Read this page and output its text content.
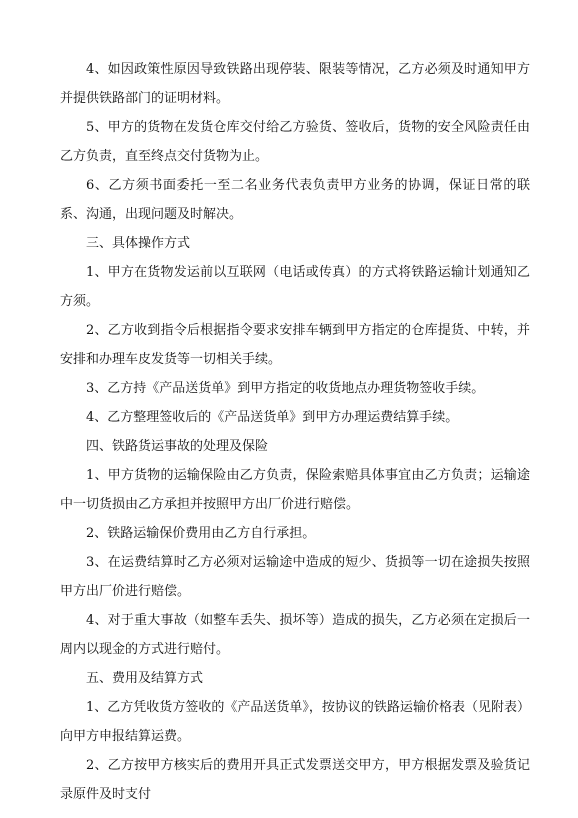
4、如因政策性原因导致铁路出现停装、限装等情况，乙方必须及时通知甲方并提供铁路部门的证明材料。

5、甲方的货物在发货仓库交付给乙方验货、签收后，货物的安全风险责任由乙方负责，直至终点交付货物为止。

6、乙方须书面委托一至二名业务代表负责甲方业务的协调，保证日常的联系、沟通，出现问题及时解决。

三、具体操作方式

1、甲方在货物发运前以互联网（电话或传真）的方式将铁路运输计划通知乙方须。

2、乙方收到指令后根据指令要求安排车辆到甲方指定的仓库提货、中转，并安排和办理车皮发货等一切相关手续。

3、乙方持《产品送货单》到甲方指定的收货地点办理货物签收手续。

4、乙方整理签收后的《产品送货单》到甲方办理运费结算手续。

四、铁路货运事故的处理及保险

1、甲方货物的运输保险由乙方负责，保险索赔具体事宜由乙方负责；运输途中一切货损由乙方承担并按照甲方出厂价进行赔偿。

2、铁路运输保价费用由乙方自行承担。

3、在运费结算时乙方必须对运输途中造成的短少、货损等一切在途损失按照甲方出厂价进行赔偿。

4、对于重大事故（如整车丢失、损坏等）造成的损失，乙方必须在定损后一周内以现金的方式进行赔付。

五、费用及结算方式

1、乙方凭收货方签收的《产品送货单》，按协议的铁路运输价格表（见附表）向甲方申报结算运费。

2、乙方按甲方核实后的费用开具正式发票送交甲方，甲方根据发票及验货记录原件及时支付
